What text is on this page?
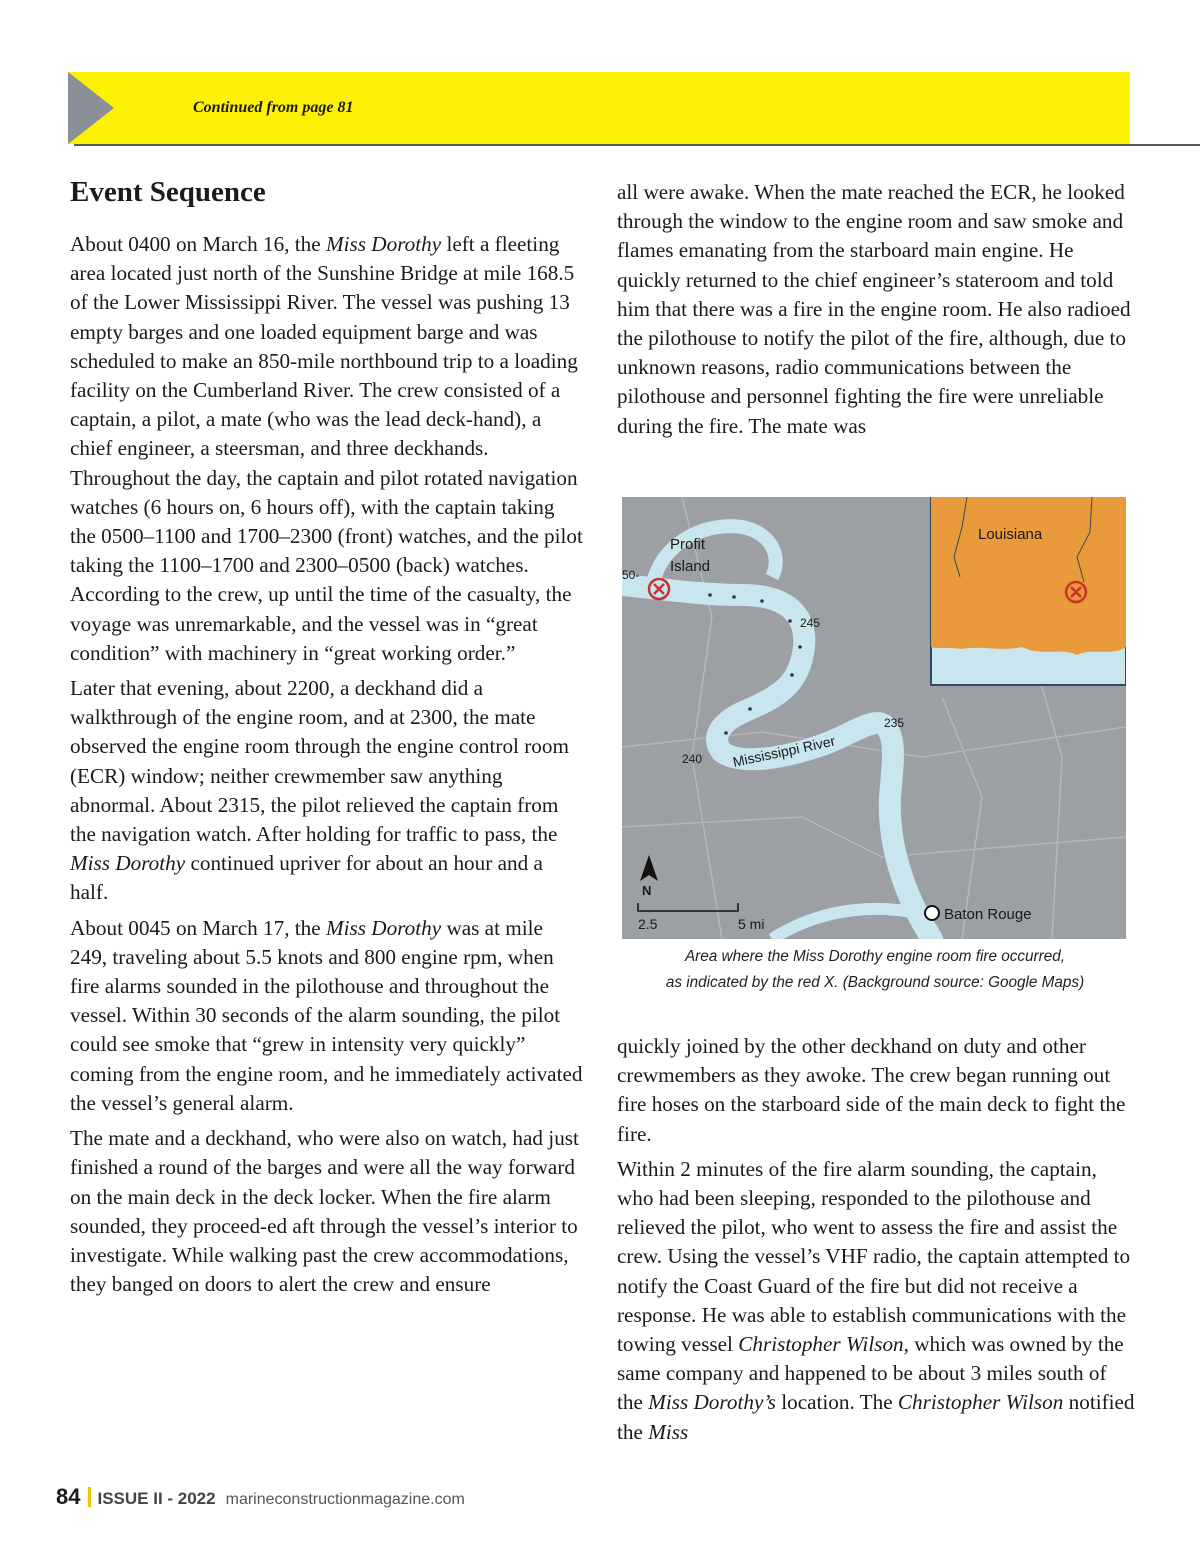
Continued from page 81
Event Sequence

About 0400 on March 16, the Miss Dorothy left a fleeting area located just north of the Sunshine Bridge at mile 168.5 of the Lower Mississippi River. The vessel was pushing 13 empty barges and one loaded equipment barge and was scheduled to make an 850-mile northbound trip to a loading facility on the Cumberland River. The crew consisted of a captain, a pilot, a mate (who was the lead deck-hand), a chief engineer, a steersman, and three deckhands. Throughout the day, the captain and pilot rotated navigation watches (6 hours on, 6 hours off), with the captain taking the 0500–1100 and 1700–2300 (front) watches, and the pilot taking the 1100–1700 and 2300–0500 (back) watches. According to the crew, up until the time of the casualty, the voyage was unremarkable, and the vessel was in “great condition” with machinery in “great working order.”

Later that evening, about 2200, a deckhand did a walkthrough of the engine room, and at 2300, the mate observed the engine room through the engine control room (ECR) window; neither crewmember saw anything abnormal. About 2315, the pilot relieved the captain from the navigation watch. After holding for traffic to pass, the Miss Dorothy continued upriver for about an hour and a half.

About 0045 on March 17, the Miss Dorothy was at mile 249, traveling about 5.5 knots and 800 engine rpm, when fire alarms sounded in the pilothouse and throughout the vessel. Within 30 seconds of the alarm sounding, the pilot could see smoke that “grew in intensity very quickly” coming from the engine room, and he immediately activated the vessel’s general alarm.

The mate and a deckhand, who were also on watch, had just finished a round of the barges and were all the way forward on the main deck in the deck locker. When the fire alarm sounded, they proceed-ed aft through the vessel’s interior to investigate. While walking past the crew accommodations, they banged on doors to alert the crew and ensure

all were awake. When the mate reached the ECR, he looked through the window to the engine room and saw smoke and flames emanating from the starboard main engine. He quickly returned to the chief engineer’s stateroom and told him that there was a fire in the engine room. He also radioed the pilothouse to notify the pilot of the fire, although, due to unknown reasons, radio communications between the pilothouse and personnel fighting the fire were unreliable during the fire. The mate was

Profit
Island
Louisiana
50-
245
240
235
Mississippi River
N
2.5	5 mi
Baton Rouge
Area where the Miss Dorothy engine room fire occurred,
as indicated by the red X. (Background source: Google Maps)

quickly joined by the other deckhand on duty and other crewmembers as they awoke. The crew began running out fire hoses on the starboard side of the main deck to fight the fire.

Within 2 minutes of the fire alarm sounding, the captain, who had been sleeping, responded to the pilothouse and relieved the pilot, who went to assess the fire and assist the crew. Using the vessel’s VHF radio, the captain attempted to notify the Coast Guard of the fire but did not receive a response. He was able to establish communications with the towing vessel Christopher Wilson, which was owned by the same company and happened to be about 3 miles south of the Miss Dorothy’s location. The Christopher Wilson notified the Miss

84 ISSUE II - 2022 marineconstructionmagazine.com
